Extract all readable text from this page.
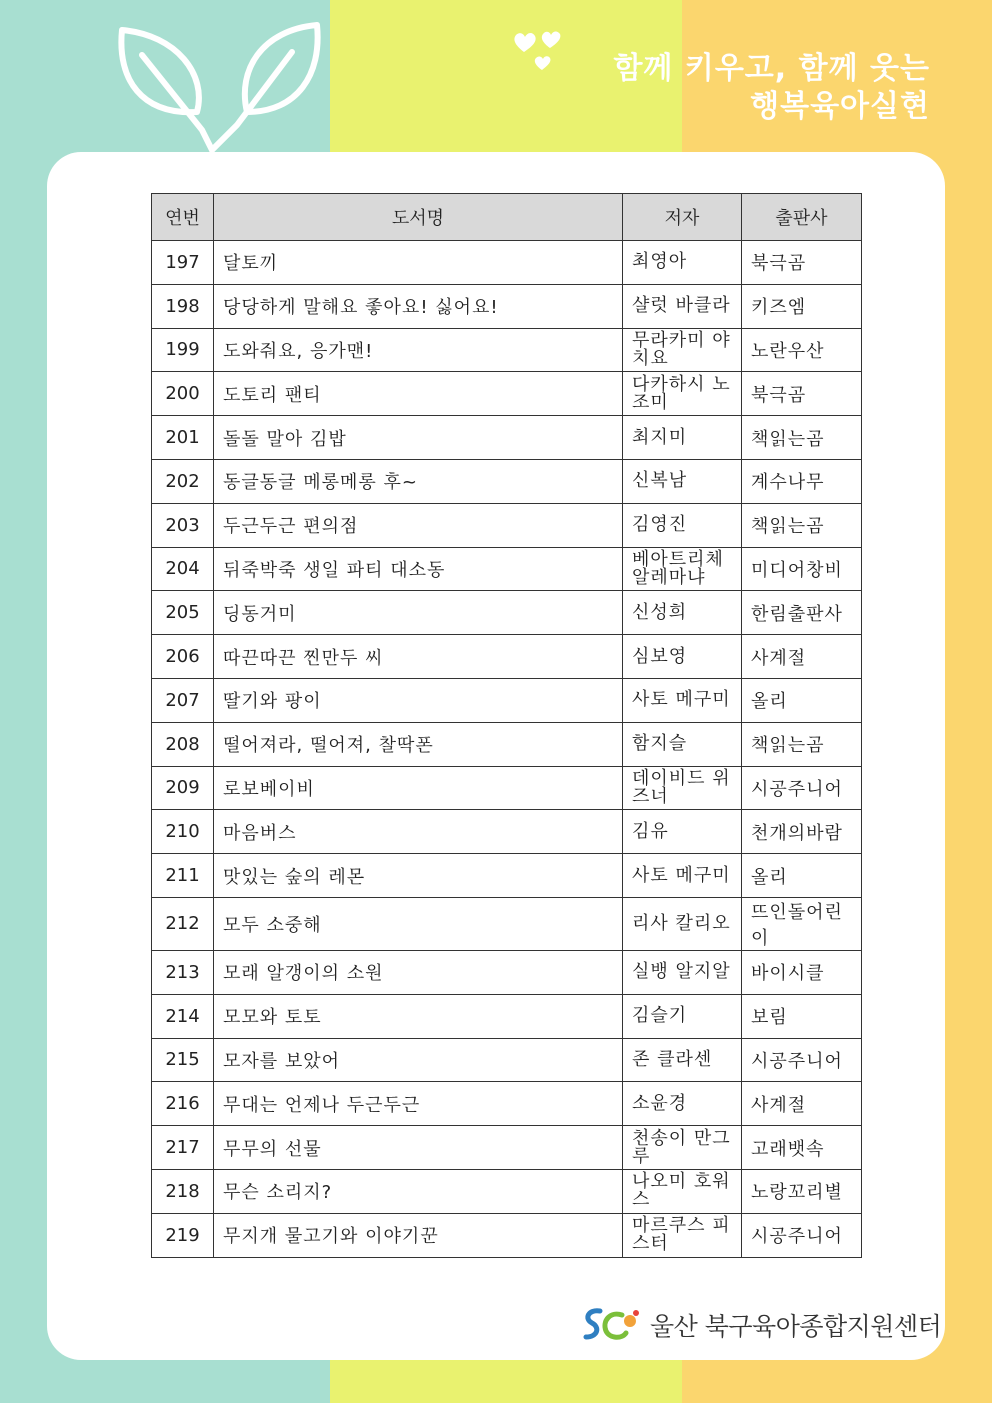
함께 키우고, 함께 웃는
행복육아실현
연번	도서명	저자	출판사
197	달토끼	최영아	북극곰
198	당당하게 말해요 좋아요! 싫어요!	샬럿 바클라	키즈엠
199	도와줘요, 응가맨!	무라카미 야치요	노란우산
200	도토리 팬티	다카하시 노조미	북극곰
201	돌돌 말아 김밥	최지미	책읽는곰
202	동글동글 메롱메롱 후~	신복남	계수나무
203	두근두근 편의점	김영진	책읽는곰
204	뒤죽박죽 생일 파티 대소동	베아트리체 알레마냐	미디어창비
205	딩동거미	신성희	한림출판사
206	따끈따끈 찐만두 씨	심보영	사계절
207	딸기와 팡이	사토 메구미	올리
208	떨어져라, 떨어져, 찰딱폰	함지슬	책읽는곰
209	로보베이비	데이비드 위즈너	시공주니어
210	마음버스	김유	천개의바람
211	맛있는 숲의 레몬	사토 메구미	올리
212	모두 소중해	리사 칼리오	뜨인돌어린이
213	모래 알갱이의 소원	실뱅 알지알	바이시클
214	모모와 토토	김슬기	보림
215	모자를 보았어	존 클라센	시공주니어
216	무대는 언제나 두근두근	소윤경	사계절
217	무무의 선물	천송이 만그루	고래뱃속
218	무슨 소리지?	나오미 호워스	노랑꼬리별
219	무지개 물고기와 이야기꾼	마르쿠스 피스터	시공주니어
울산 북구육아종합지원센터
